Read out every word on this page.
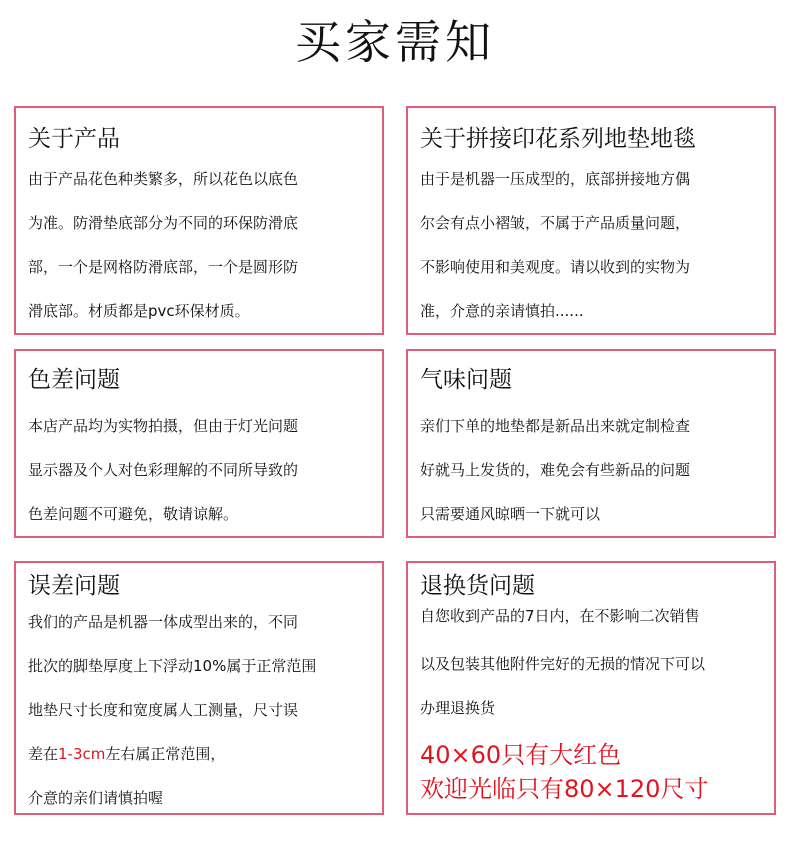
买家需知
关于产品
由于产品花色种类繁多，所以花色以底色
为准。防滑垫底部分为不同的环保防滑底
部，一个是网格防滑底部，一个是圆形防
滑底部。材质都是pvc环保材质。
关于拼接印花系列地垫地毯
由于是机器一压成型的，底部拼接地方偶
尔会有点小褶皱，不属于产品质量问题，
不影响使用和美观度。请以收到的实物为
准，介意的亲请慎拍......
色差问题
本店产品均为实物拍摄，但由于灯光问题
显示器及个人对色彩理解的不同所导致的
色差问题不可避免，敬请谅解。
气味问题
亲们下单的地垫都是新品出来就定制检查
好就马上发货的，难免会有些新品的问题
只需要通风晾晒一下就可以
误差问题
我们的产品是机器一体成型出来的，不同
批次的脚垫厚度上下浮动10%属于正常范围
地垫尺寸长度和宽度属人工测量，尺寸误
差在1-3cm左右属正常范围，
介意的亲们请慎拍喔
退换货问题
自您收到产品的7日内，在不影响二次销售
以及包装其他附件完好的无损的情况下可以
办理退换货
40×60只有大红色
欢迎光临只有80×120尺寸
